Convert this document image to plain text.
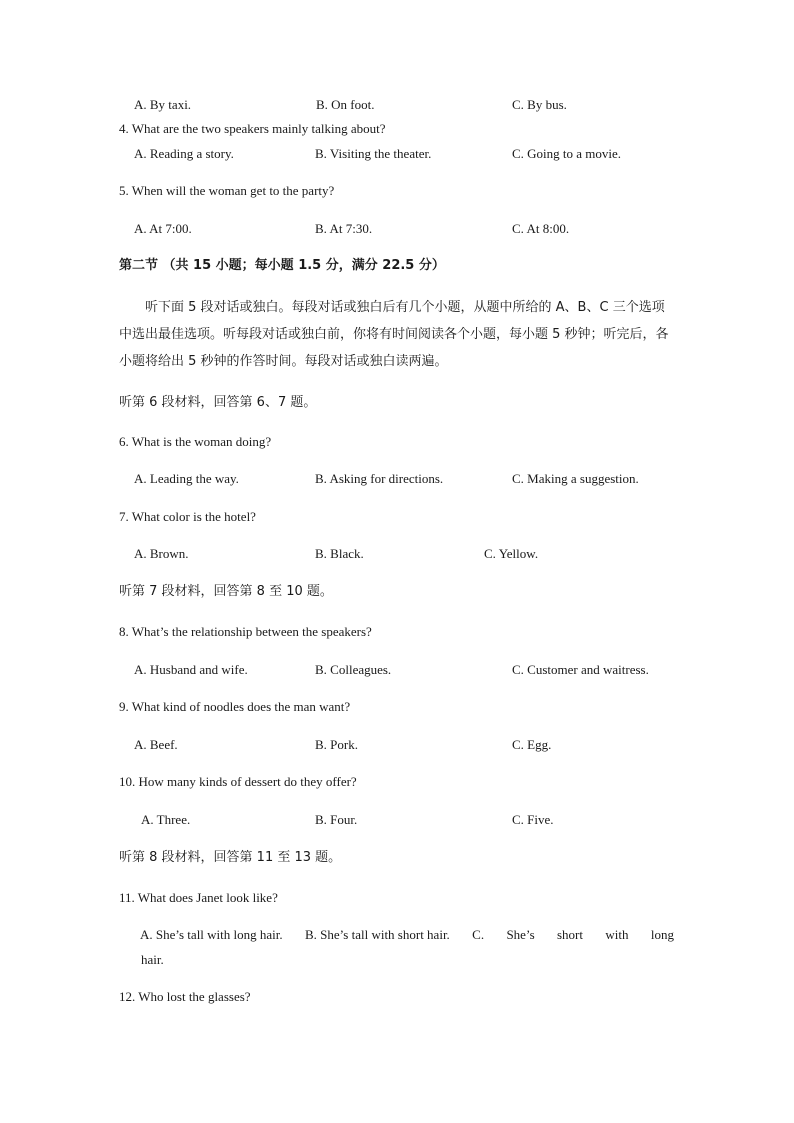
A. By taxi.	B. On foot.	C. By bus.
4. What are the two speakers mainly talking about?
A. Reading a story.	B. Visiting the theater.	C. Going to a movie.
5. When will the woman get to the party?
A. At 7:00.	B. At 7:30.	C. At 8:00.
第二节 （共 15 小题；每小题 1.5 分，满分 22.5 分）
听下面 5 段对话或独白。每段对话或独白后有几个小题，从题中所给的 A、B、C 三个选项中选出最佳选项。听每段对话或独白前，你将有时间阅读各个小题，每小题 5 秒钟；听完后，各小题将给出 5 秒钟的作答时间。每段对话或独白读两遍。
听第 6 段材料，回答第 6、7 题。
6. What is the woman doing?
A. Leading the way.	B. Asking for directions.	C. Making a suggestion.
7. What color is the hotel?
A. Brown.	B. Black.	C. Yellow.
听第 7 段材料，回答第 8 至 10 题。
8. What’s the relationship between the speakers?
A. Husband and wife.	B. Colleagues.	C. Customer and waitress.
9. What kind of noodles does the man want?
A. Beef.	B. Pork.	C. Egg.
10. How many kinds of dessert do they offer?
A. Three.	B. Four.	C. Five.
听第 8 段材料，回答第 11 至 13 题。
11. What does Janet look like?
A. She’s tall with long hair. B. She’s tall with short hair. C. She’s short with long
hair.
12. Who lost the glasses?
